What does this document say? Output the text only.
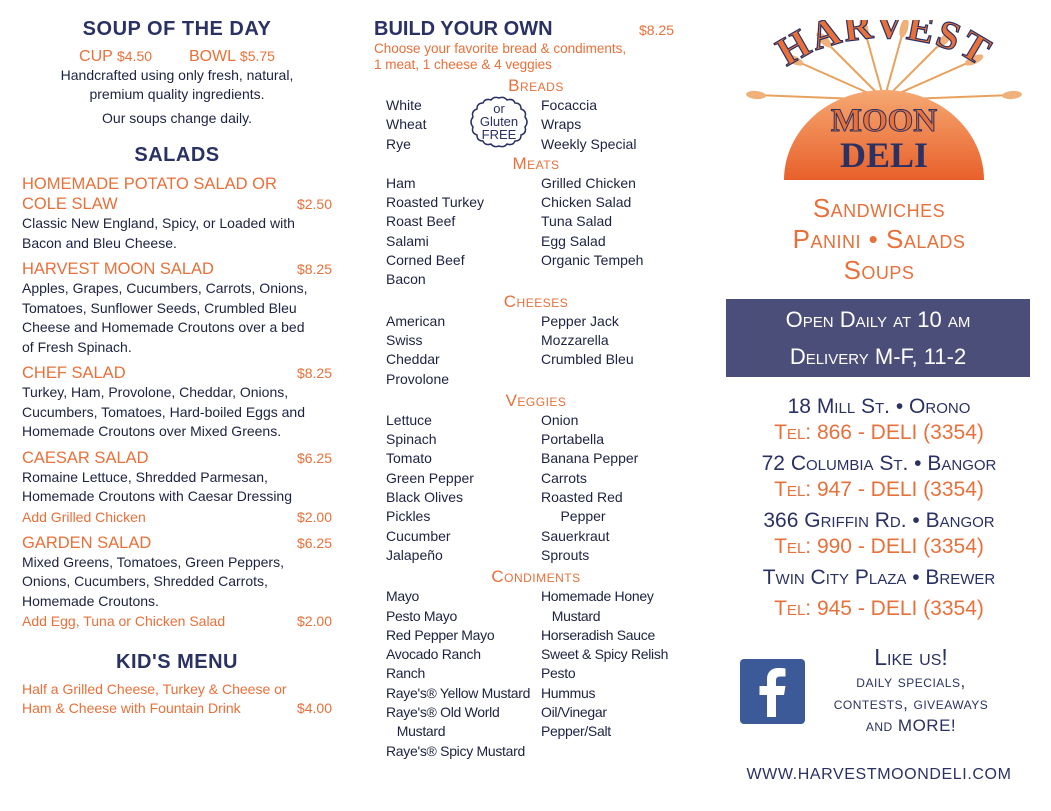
SOUP OF THE DAY
CUP $4.50 BOWL $5.75
Handcrafted using only fresh, natural,
premium quality ingredients.
Our soups change daily.
SALADS
HOMEMADE POTATO SALAD OR
COLE SLAW	$2.50
Classic New England, Spicy, or Loaded with
Bacon and Bleu Cheese.
HARVEST MOON SALAD	$8.25
Apples, Grapes, Cucumbers, Carrots, Onions,
Tomatoes, Sunflower Seeds, Crumbled Bleu
Cheese and Homemade Croutons over a bed
of Fresh Spinach.
CHEF SALAD	$8.25
Turkey, Ham, Provolone, Cheddar, Onions,
Cucumbers, Tomatoes, Hard-boiled Eggs and
Homemade Croutons over Mixed Greens.
CAESAR SALAD	$6.25
Romaine Lettuce, Shredded Parmesan,
Homemade Croutons with Caesar Dressing
Add Grilled Chicken	$2.00
GARDEN SALAD	$6.25
Mixed Greens, Tomatoes, Green Peppers,
Onions, Cucumbers, Shredded Carrots,
Homemade Croutons.
Add Egg, Tuna or Chicken Salad	$2.00
KID'S MENU
Half a Grilled Cheese, Turkey & Cheese or
Ham & Cheese with Fountain Drink	$4.00
BUILD YOUR OWN	$8.25
Choose your favorite bread & condiments,
1 meat, 1 cheese & 4 veggies
Breads
White
Wheat
Rye
Focaccia
Wraps
Weekly Special
or
Gluten
FREE
Meats
Ham
Roasted Turkey
Roast Beef
Salami
Corned Beef
Bacon
Grilled Chicken
Chicken Salad
Tuna Salad
Egg Salad
Organic Tempeh
Cheeses
American
Swiss
Cheddar
Provolone
Pepper Jack
Mozzarella
Crumbled Bleu
Veggies
Lettuce
Spinach
Tomato
Green Pepper
Black Olives
Pickles
Cucumber
Jalapeño
Onion
Portabella
Banana Pepper
Carrots
Roasted Red
Pepper
Sauerkraut
Sprouts
Condiments
Mayo
Pesto Mayo
Red Pepper Mayo
Avocado Ranch
Ranch
Raye's® Yellow Mustard
Raye's® Old World
Mustard
Raye's® Spicy Mustard
Homemade Honey
Mustard
Horseradish Sauce
Sweet & Spicy Relish
Pesto
Hummus
Oil/Vinegar
Pepper/Salt
HARVEST
MOON
DELI
Sandwiches
Panini • Salads
Soups
Open Daily at 10 am
Delivery M-F, 11-2
18 Mill St. • Orono
Tel: 866 - DELI (3354)
72 Columbia St. • Bangor
Tel: 947 - DELI (3354)
366 Griffin Rd. • Bangor
Tel: 990 - DELI (3354)
Twin City Plaza • Brewer
Tel: 945 - DELI (3354)
Like us!
daily specials,
contests, giveaways
and MORE!
WWW.HARVESTMOONDELI.COM
